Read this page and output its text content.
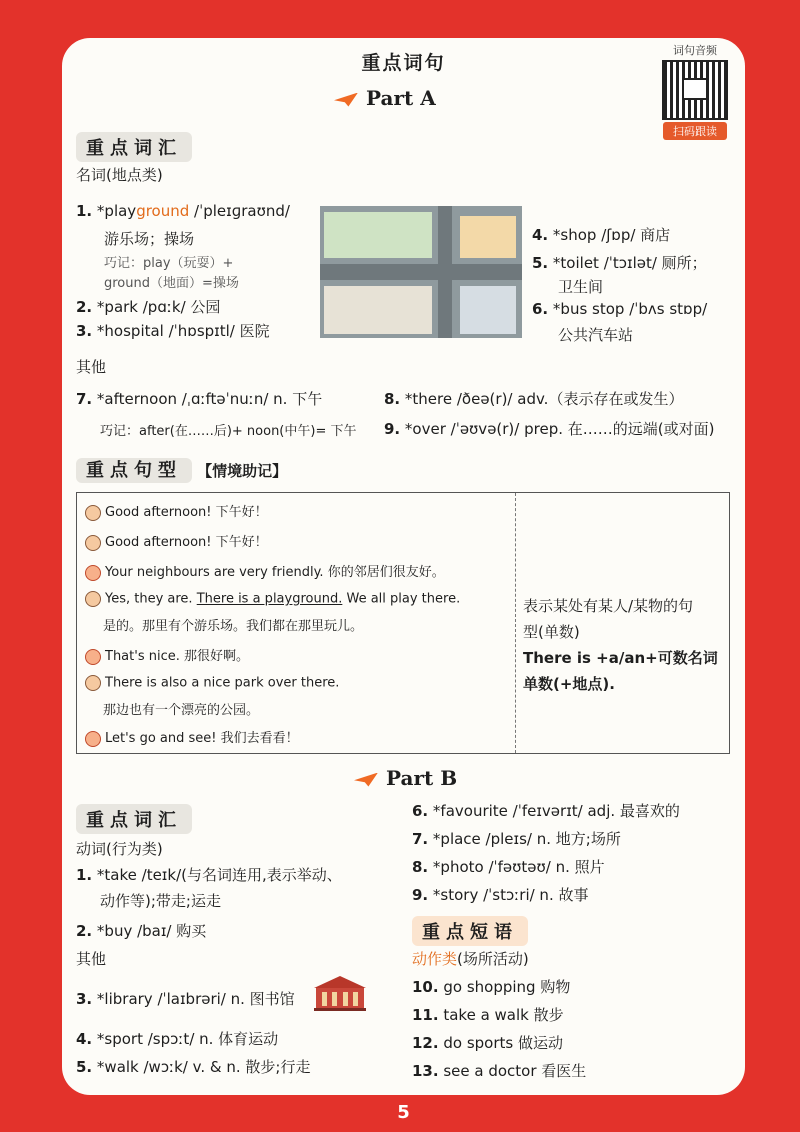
重点词句
词句音频
扫码跟读
Part A
重点词汇
名词(地点类)
1. *playground /ˈpleɪɡraʊnd/
游乐场；操场
巧记：play（玩耍）+
ground（地面）=操场
2. *park /pɑːk/ 公园
3. *hospital /ˈhɒspɪtl/ 医院
4. *shop /ʃɒp/ 商店
5. *toilet /ˈtɔɪlət/ 厕所；
卫生间
6. *bus stop /ˈbʌs stɒp/
公共汽车站
其他
7. *afternoon /ˌɑːftəˈnuːn/ n. 下午
巧记：after(在……后)+ noon(中午)= 下午
8. *there /ðeə(r)/ adv.（表示存在或发生）
9. *over /ˈəʊvə(r)/ prep. 在……的远端(或对面)
重点句型 【情境助记】
Good afternoon! 下午好！
Good afternoon! 下午好！
Your neighbours are very friendly. 你的邻居们很友好。
Yes, they are. There is a playground. We all play there.
是的。那里有个游乐场。我们都在那里玩儿。
That's nice. 那很好啊。
There is also a nice park over there.
那边也有一个漂亮的公园。
Let's go and see! 我们去看看！
表示某处有某人/某物的句
型(单数)
There is +a/an+可数名词
单数(+地点).
Part B
重点词汇
动词(行为类)
1. *take /teɪk/(与名词连用,表示举动、
动作等);带走;运走
2. *buy /baɪ/ 购买
其他
3. *library /ˈlaɪbrəri/ n. 图书馆
4. *sport /spɔːt/ n. 体育运动
5. *walk /wɔːk/ v. & n. 散步;行走
6. *favourite /ˈfeɪvərɪt/ adj. 最喜欢的
7. *place /pleɪs/ n. 地方;场所
8. *photo /ˈfəʊtəʊ/ n. 照片
9. *story /ˈstɔːri/ n. 故事
重点短语
动作类(场所活动)
10. go shopping 购物
11. take a walk 散步
12. do sports 做运动
13. see a doctor 看医生
5
